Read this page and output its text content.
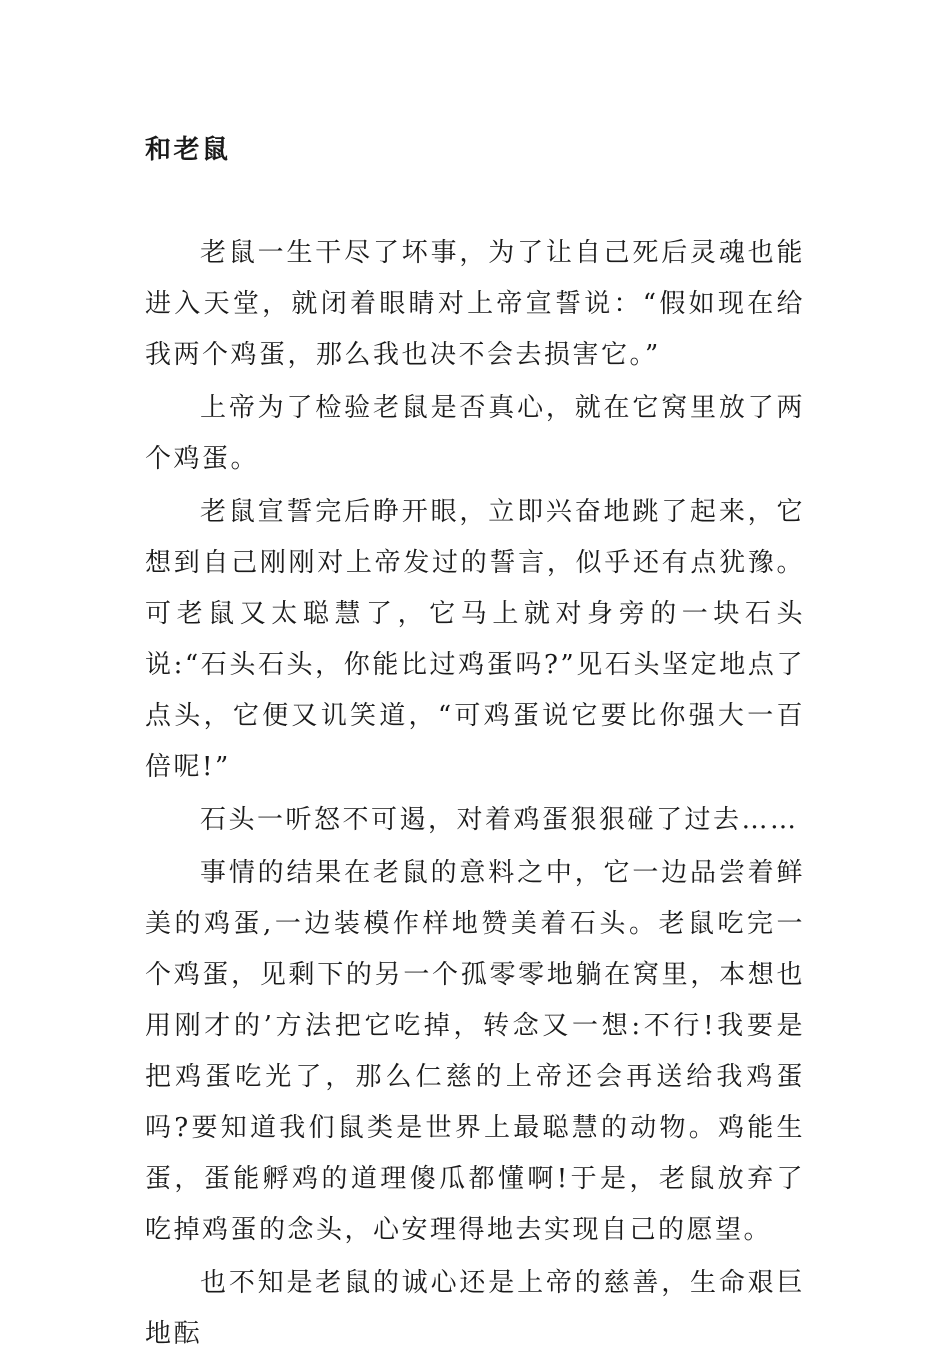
和老鼠

老鼠一生干尽了坏事，为了让自己死后灵魂也能进入天堂，就闭着眼睛对上帝宣誓说：“假如现在给我两个鸡蛋，那么我也决不会去损害它。”

上帝为了检验老鼠是否真心，就在它窝里放了两个鸡蛋。

老鼠宣誓完后睁开眼，立即兴奋地跳了起来，它想到自己刚刚对上帝发过的誓言，似乎还有点犹豫。可老鼠又太聪慧了，它马上就对身旁的一块石头说:“石头石头，你能比过鸡蛋吗?”见石头坚定地点了点头，它便又讥笑道，“可鸡蛋说它要比你强大一百倍呢!”

石头一听怒不可遏，对着鸡蛋狠狠碰了过去……

事情的结果在老鼠的意料之中，它一边品尝着鲜美的鸡蛋,一边装模作样地赞美着石头。老鼠吃完一个鸡蛋，见剩下的另一个孤零零地躺在窝里，本想也用刚才的’方法把它吃掉，转念又一想:不行!我要是把鸡蛋吃光了，那么仁慈的上帝还会再送给我鸡蛋吗?要知道我们鼠类是世界上最聪慧的动物。鸡能生蛋，蛋能孵鸡的道理傻瓜都懂啊!于是，老鼠放弃了吃掉鸡蛋的念头，心安理得地去实现自己的愿望。

也不知是老鼠的诚心还是上帝的慈善，生命艰巨地酝
